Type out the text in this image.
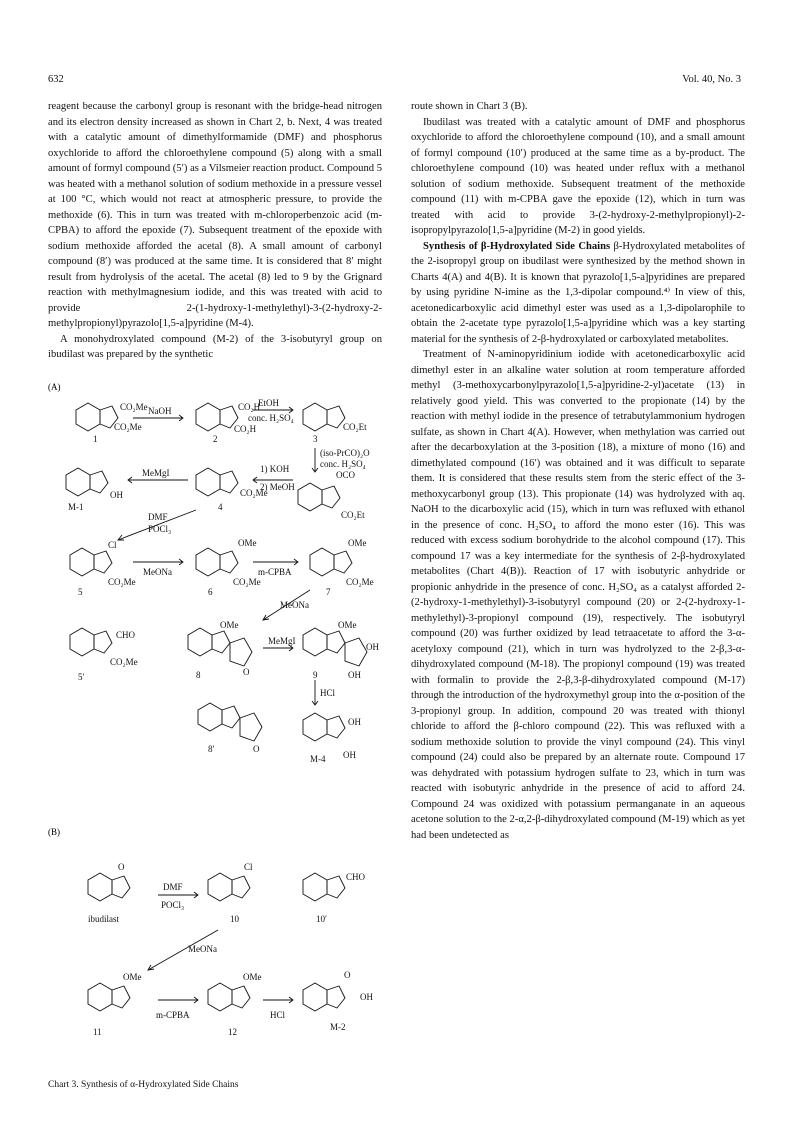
632	Vol. 40, No. 3

reagent because the carbonyl group is resonant with the bridge-head nitrogen and its electron density increased as shown in Chart 2, b. Next, 4 was treated with a catalytic amount of dimethylformamide (DMF) and phosphorus oxychloride to afford the chloroethylene compound (5) along with a small amount of formyl compound (5′) as a Vilsmeier reaction product. Compound 5 was heated with a methanol solution of sodium methoxide in a pressure vessel at 100 °C, which would not react at atmospheric pressure, to provide the methoxide (6). This in turn was treated with m-chloroperbenzoic acid (m-CPBA) to afford the epoxide (7). Subsequent treatment of the epoxide with sodium methoxide afforded the acetal (8). A small amount of carbonyl compound (8′) was produced at the same time. It is considered that 8′ might result from hydrolysis of the acetal. The acetal (8) led to 9 by the Grignard reaction with methylmagnesium iodide, and this was treated with acid to provide 2-(1-hydroxy-1-methylethyl)-3-(2-hydroxy-2-methylpropionyl)pyrazolo[1,5-a]pyridine (M-4).

A monohydroxylated compound (M-2) of the 3-isobutyryl group on ibudilast was prepared by the synthetic

route shown in Chart 3 (B).

Ibudilast was treated with a catalytic amount of DMF and phosphorus oxychloride to afford the chloroethylene compound (10), and a small amount of formyl compound (10′) produced at the same time as a by-product. The chloroethylene compound (10) was heated under reflux with a methanol solution of sodium methoxide. Subsequent treatment of the methoxide compound (11) with m-CPBA gave the epoxide (12), which in turn was treated with acid to provide 3-(2-hydroxy-2-methylpropionyl)-2-isopropylpyrazolo[1,5-a]pyridine (M-2) in good yields.

Synthesis of β-Hydroxylated Side Chains β-Hydroxylated metabolites of the 2-isopropyl group on ibudilast were synthesized by the method shown in Charts 4(A) and 4(B). It is known that pyrazolo[1,5-a]pyridines are prepared by using pyridine N-imine as the 1,3-dipolar compound.⁴⁾ In view of this, acetonedicarboxylic acid dimethyl ester was used as a 1,3-dipolarophile to obtain the 2-acetate type pyrazolo[1,5-a]pyridine which was a key starting material for the synthesis of 2-β-hydroxylated or carboxylated metabolites.

Treatment of N-aminopyridinium iodide with acetonedicarboxylic acid dimethyl ester in an alkaline water solution at room temperature afforded methyl (3-methoxycarbonylpyrazolo[1,5-a]pyridine-2-yl)acetate (13) in relatively good yield. This was converted to the propionate (14) by the reaction with methyl iodide in the presence of tetrabutylammonium hydrogen sulfate, as shown in Chart 4(A). However, when methylation was carried out after the decarboxylation at the 3-position (18), a mixture of mono (16) and dimethylated compound (16′) was obtained and it was difficult to separate them. It is considered that these results stem from the steric effect of the 3-methoxycarbonyl group (13). This propionate (14) was hydrolyzed with aq. NaOH to the dicarboxylic acid (15), which in turn was refluxed with ethanol in the presence of conc. H₂SO₄ to afford the mono ester (16). This was reduced with excess sodium borohydride to the alcohol compound (17). This compound 17 was a key intermediate for the synthesis of 2-β-hydroxylated metabolites (Chart 4(B)). Reaction of 17 with isobutyric anhydride or propionic anhydride in the presence of conc. H₂SO₄ as a catalyst afforded 2-(2-hydroxy-1-methylethyl)-3-isobutyryl compound (20) or 2-(2-hydroxy-1-methylethyl)-3-propionyl compound (19), respectively. The isobutyryl compound (20) was further oxidized by lead tetraacetate to afford the 3-α-acetyloxy compound (21), which in turn was hydrolyzed to the 2-β,3-α-dihydroxylated compound (M-18). The propionyl compound (19) was treated with formalin to provide the 2-β,3-β-dihydroxylated compound (M-17) through the introduction of the hydroxymethyl group into the α-position of the 3-propionyl group. In addition, compound 20 was treated with thionyl chloride to afford the β-chloro compound (22). This was refluxed with a sodium methoxide solution to provide the vinyl compound (24). This vinyl compound (24) could also be prepared by an alternate route. Compound 17 was dehydrated with potassium hydrogen sulfate to 23, which in turn was reacted with isobutyric anhydride in the presence of acid to afford 24. Compound 24 was oxidized with potassium permanganate in an aqueous acetone solution to the 2-α,2-β-dihydroxylated compound (M-19) which as yet had been undetected as

(A)
1
CO₂Me
CO₂Me
NaOH
2
CO₂H
CO₂H
EtOH
conc. H₂SO₄
3
CO₂Et
(iso-PrCO)₂O
conc. H₂SO₄
M-1
OH
MeMgI
4
CO₂Me
1) KOH
2) MeOH
OCO
CO₂Et
DMF
POCl₃
Cl
5
CO₂Me
MeONa
OMe
6
CO₂Me
m-CPBA
OMe
7
CO₂Me
MeONa
CHO
CO₂Me
5′
OMe
8	O
MeMgI
OMe
OH
9	OH
HCl
8′	O
OH
M-4 OH
(B)
O
ibudilast
DMF
POCl₃
Cl
10
CHO
10′
MeONa
OMe
11
m-CPBA
OMe
12
HCl
O
OH
M-2
Chart 3. Synthesis of α-Hydroxylated Side Chains
